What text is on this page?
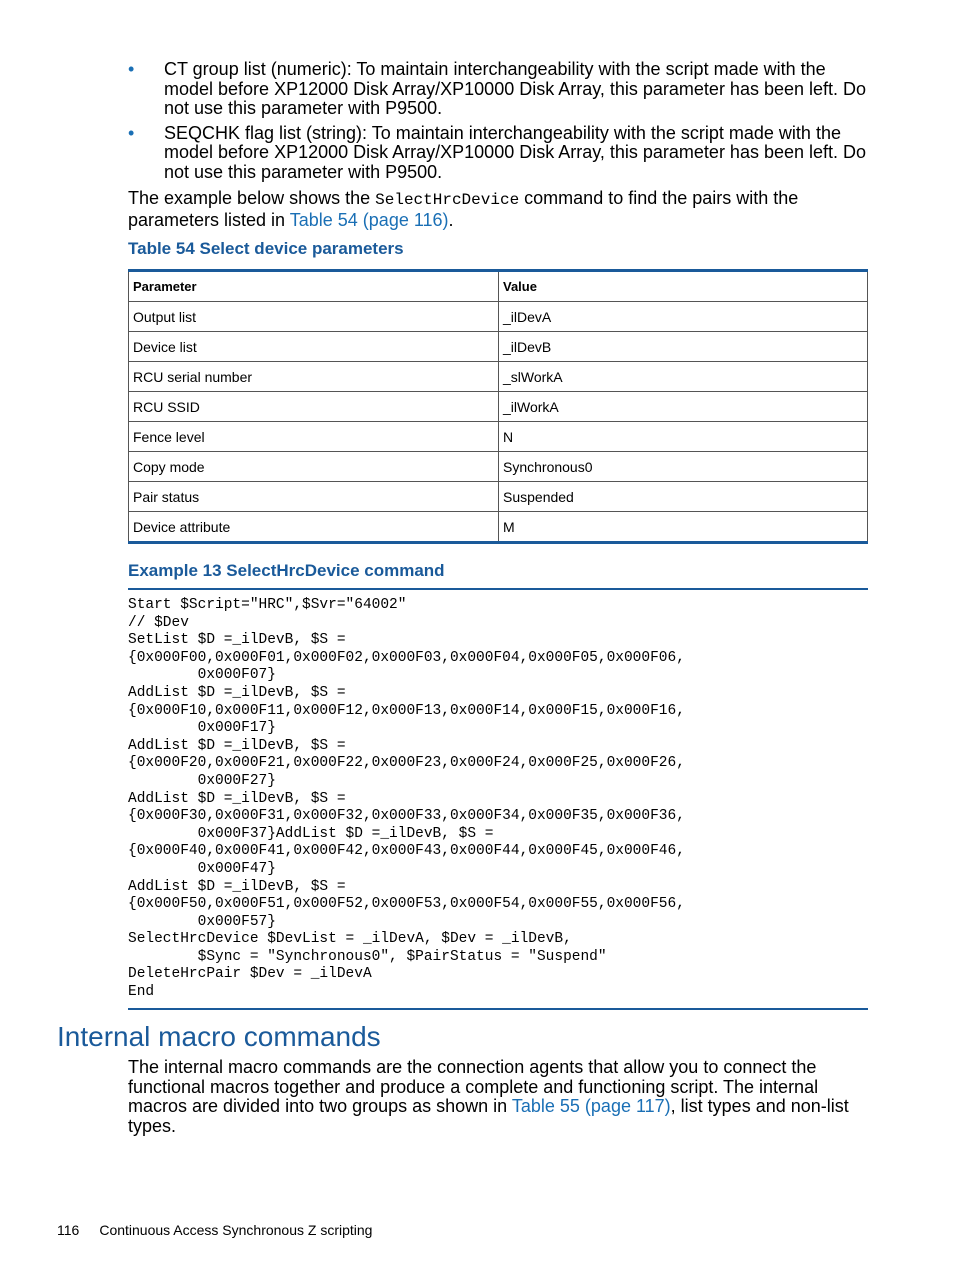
• CT group list (numeric): To maintain interchangeability with the script made with the model before XP12000 Disk Array/XP10000 Disk Array, this parameter has been left. Do not use this parameter with P9500.
• SEQCHK flag list (string): To maintain interchangeability with the script made with the model before XP12000 Disk Array/XP10000 Disk Array, this parameter has been left. Do not use this parameter with P9500.

The example below shows the SelectHrcDevice command to find the pairs with the parameters listed in Table 54 (page 116).

Table 54 Select device parameters
Parameter	Value
Output list	_ilDevA
Device list	_ilDevB
RCU serial number	_slWorkA
RCU SSID	_ilWorkA
Fence level	N
Copy mode	Synchronous0
Pair status	Suspended
Device attribute	M
Example 13 SelectHrcDevice command
Start $Script="HRC",$Svr="64002"
// $Dev
SetList $D =_ilDevB, $S =
{0x000F00,0x000F01,0x000F02,0x000F03,0x000F04,0x000F05,0x000F06,
0x000F07}
AddList $D =_ilDevB, $S =
{0x000F10,0x000F11,0x000F12,0x000F13,0x000F14,0x000F15,0x000F16,
0x000F17}
AddList $D =_ilDevB, $S =
{0x000F20,0x000F21,0x000F22,0x000F23,0x000F24,0x000F25,0x000F26,
0x000F27}
AddList $D =_ilDevB, $S =
{0x000F30,0x000F31,0x000F32,0x000F33,0x000F34,0x000F35,0x000F36,
0x000F37}AddList $D =_ilDevB, $S =
{0x000F40,0x000F41,0x000F42,0x000F43,0x000F44,0x000F45,0x000F46,
0x000F47}
AddList $D =_ilDevB, $S =
{0x000F50,0x000F51,0x000F52,0x000F53,0x000F54,0x000F55,0x000F56,
0x000F57}
SelectHrcDevice $DevList = _ilDevA, $Dev = _ilDevB,
$Sync = "Synchronous0", $PairStatus = "Suspend"
DeleteHrcPair $Dev = _ilDevA
End
Internal macro commands

The internal macro commands are the connection agents that allow you to connect the functional macros together and produce a complete and functioning script. The internal macros are divided into two groups as shown in Table 55 (page 117), list types and non-list types.

116 Continuous Access Synchronous Z scripting
